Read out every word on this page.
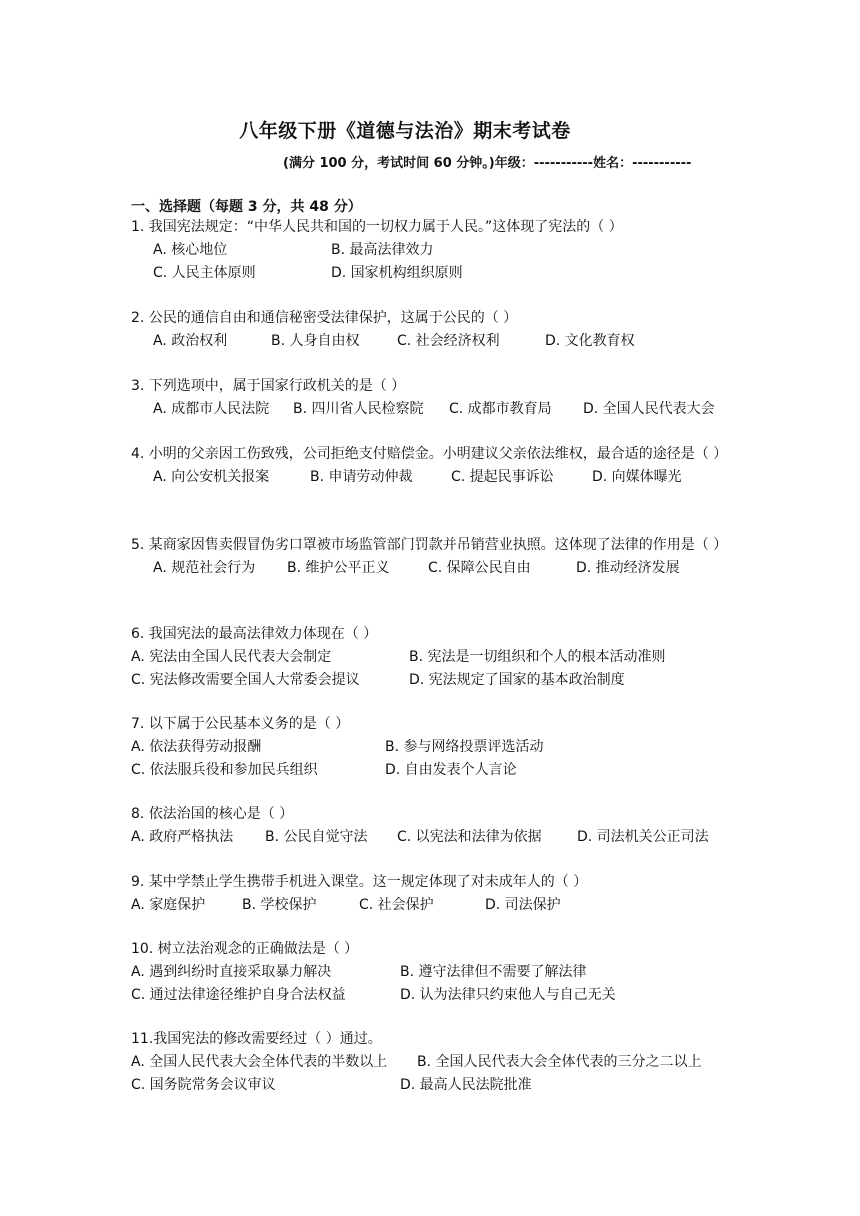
八年级下册《道德与法治》期末考试卷
(满分 100 分，考试时间 60 分钟。)年级：-----------姓名：-----------
一、选择题（每题 3 分，共 48 分）
1. 我国宪法规定：“中华人民共和国的一切权力属于人民。”这体现了宪法的（ ）
A. 核心地位	B. 最高法律效力
C. 人民主体原则	D. 国家机构组织原则
2. 公民的通信自由和通信秘密受法律保护，这属于公民的（ ）
A. 政治权利	B. 人身自由权	C. 社会经济权利	D. 文化教育权
3. 下列选项中，属于国家行政机关的是（ ）
A. 成都市人民法院	B. 四川省人民检察院	C. 成都市教育局	D. 全国人民代表大会
4. 小明的父亲因工伤致残，公司拒绝支付赔偿金。小明建议父亲依法维权，最合适的途径是（ ）
A. 向公安机关报案	B. 申请劳动仲裁	C. 提起民事诉讼	D. 向媒体曝光
5. 某商家因售卖假冒伪劣口罩被市场监管部门罚款并吊销营业执照。这体现了法律的作用是（ ）
A. 规范社会行为	B. 维护公平正义	C. 保障公民自由	D. 推动经济发展
6. 我国宪法的最高法律效力体现在（ ）
A. 宪法由全国人民代表大会制定	B. 宪法是一切组织和个人的根本活动准则
C. 宪法修改需要全国人大常委会提议	D. 宪法规定了国家的基本政治制度
7. 以下属于公民基本义务的是（ ）
A. 依法获得劳动报酬	B. 参与网络投票评选活动
C. 依法服兵役和参加民兵组织	D. 自由发表个人言论
8. 依法治国的核心是（ ）
A. 政府严格执法	B. 公民自觉守法	C. 以宪法和法律为依据	D. 司法机关公正司法
9. 某中学禁止学生携带手机进入课堂。这一规定体现了对未成年人的（ ）
A. 家庭保护	B. 学校保护	C. 社会保护	D. 司法保护
10. 树立法治观念的正确做法是（ ）
A. 遇到纠纷时直接采取暴力解决	B. 遵守法律但不需要了解法律
C. 通过法律途径维护自身合法权益	D. 认为法律只约束他人与自己无关
11.我国宪法的修改需要经过（ ）通过。
A. 全国人民代表大会全体代表的半数以上	B. 全国人民代表大会全体代表的三分之二以上
C. 国务院常务会议审议	D. 最高人民法院批准
